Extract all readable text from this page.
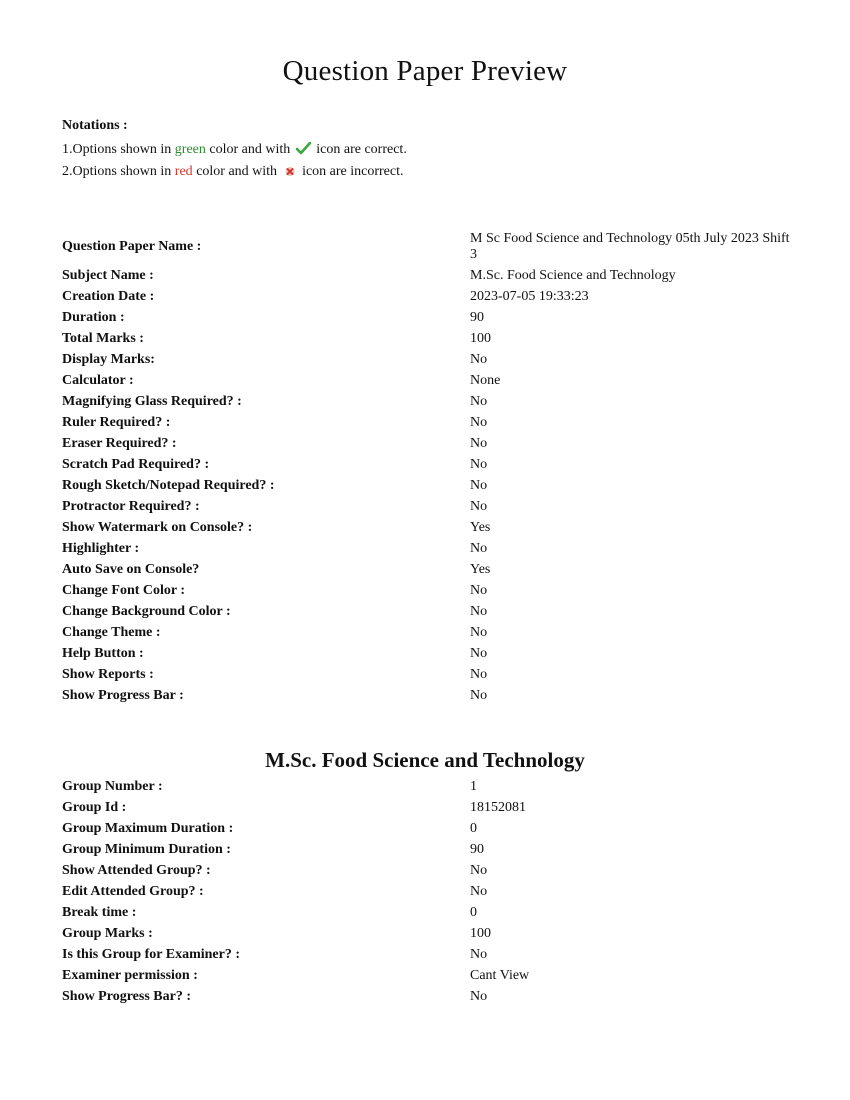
Question Paper Preview
Notations :
1.Options shown in green color and with  icon are correct.
2.Options shown in red color and with  icon are incorrect.
Question Paper Name :
M Sc Food Science and Technology 05th July 2023 Shift 3
Subject Name :	M.Sc. Food Science and Technology
Creation Date :	2023-07-05 19:33:23
Duration :	90
Total Marks :	100
Display Marks:	No
Calculator :	None
Magnifying Glass Required? :	No
Ruler Required? :	No
Eraser Required? :	No
Scratch Pad Required? :	No
Rough Sketch/Notepad Required? :	No
Protractor Required? :	No
Show Watermark on Console? :	Yes
Highlighter :	No
Auto Save on Console?	Yes
Change Font Color :	No
Change Background Color :	No
Change Theme :	No
Help Button :	No
Show Reports :	No
Show Progress Bar :	No
M.Sc. Food Science and Technology
Group Number :	1
Group Id :	18152081
Group Maximum Duration :	0
Group Minimum Duration :	90
Show Attended Group? :	No
Edit Attended Group? :	No
Break time :	0
Group Marks :	100
Is this Group for Examiner? :	No
Examiner permission :	Cant View
Show Progress Bar? :	No
